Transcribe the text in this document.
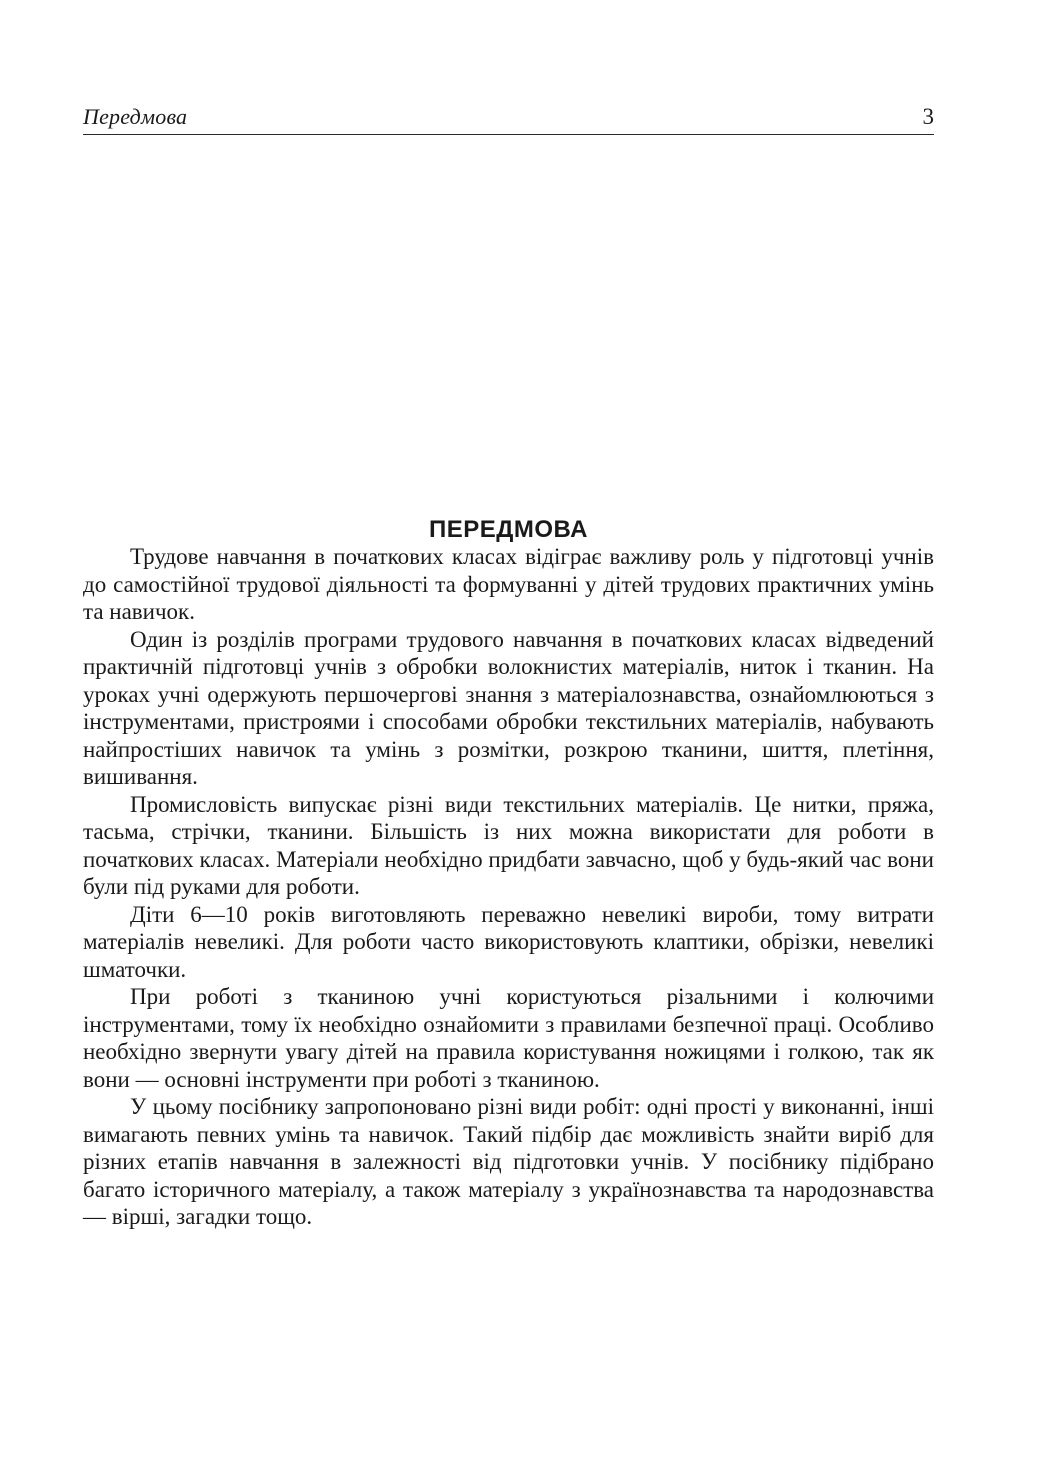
Передмова	3
ПЕРЕДМОВА

Трудове навчання в початкових класах відіграє важливу роль у підготовці учнів до самостійної трудової діяльності та формуванні у дітей трудових практичних умінь та навичок.

Один із розділів програми трудового навчання в початкових класах відведений практичній підготовці учнів з обробки волокнистих матеріалів, ниток і тканин. На уроках учні одержують першочергові знання з матеріалознавства, ознайомлюються з інструментами, пристроями і способами обробки текстильних матеріалів, набувають найпростіших навичок та умінь з розмітки, розкрою тканини, шиття, плетіння, вишивання.

Промисловість випускає різні види текстильних матеріалів. Це нитки, пряжа, тасьма, стрічки, тканини. Більшість із них можна використати для роботи в початкових класах. Матеріали необхідно придбати завчасно, щоб у будь-який час вони були під руками для роботи.

Діти 6—10 років виготовляють переважно невеликі вироби, тому витрати матеріалів невеликі. Для роботи часто використовують клаптики, обрізки, невеликі шматочки.

При роботі з тканиною учні користуються різальними і колючими інструментами, тому їх необхідно ознайомити з правилами безпечної праці. Особливо необхідно звернути увагу дітей на правила користування ножицями і голкою, так як вони — основні інструменти при роботі з тканиною.

У цьому посібнику запропоновано різні види робіт: одні прості у виконанні, інші вимагають певних умінь та навичок. Такий підбір дає можливість знайти виріб для різних етапів навчання в залежності від підготовки учнів. У посібнику підібрано багато історичного матеріалу, а також матеріалу з українознавства та народознавства — вірші, загадки тощо.
